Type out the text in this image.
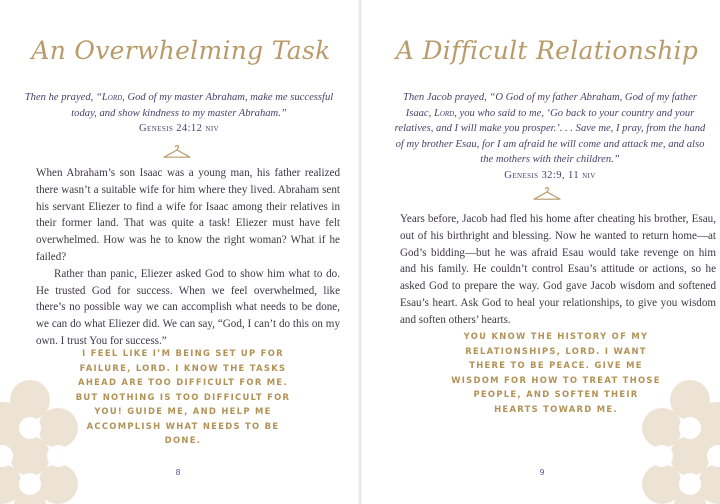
An Overwhelming Task
Then he prayed, “Lord, God of my master Abraham, make me successful today, and show kindness to my master Abraham.”
Genesis 24:12 niv

When Abraham’s son Isaac was a young man, his father realized there wasn’t a suitable wife for him where they lived. Abraham sent his servant Eliezer to find a wife for Isaac among their relatives in their former land. That was quite a task! Eliezer must have felt overwhelmed. How was he to know the right woman? What if he failed?

Rather than panic, Eliezer asked God to show him what to do. He trusted God for success. When we feel overwhelmed, like there’s no possible way we can accomplish what needs to be done, we can do what Eliezer did. We can say, “God, I can’t do this on my own. I trust You for success.”

I FEEL LIKE I’M BEING SET UP FOR FAILURE, LORD. I KNOW THE TASKS AHEAD ARE TOO DIFFICULT FOR ME. BUT NOTHING IS TOO DIFFICULT FOR YOU! GUIDE ME, AND HELP ME ACCOMPLISH WHAT NEEDS TO BE DONE.
8
A Difficult Relationship
Then Jacob prayed, “O God of my father Abraham, God of my father Isaac, Lord, you who said to me, ‘Go back to your country and your relatives, and I will make you prosper.’. . . Save me, I pray, from the hand of my brother Esau, for I am afraid he will come and attack me, and also the mothers with their children.”
Genesis 32:9, 11 niv

Years before, Jacob had fled his home after cheating his brother, Esau, out of his birthright and blessing. Now he wanted to return home—at God’s bidding—but he was afraid Esau would take revenge on him and his family. He couldn’t control Esau’s attitude or actions, so he asked God to prepare the way. God gave Jacob wisdom and softened Esau’s heart. Ask God to heal your relationships, to give you wisdom and soften others’ hearts.

YOU KNOW THE HISTORY OF MY RELATIONSHIPS, LORD. I WANT THERE TO BE PEACE. GIVE ME WISDOM FOR HOW TO TREAT THOSE PEOPLE, AND SOFTEN THEIR HEARTS TOWARD ME.
9
